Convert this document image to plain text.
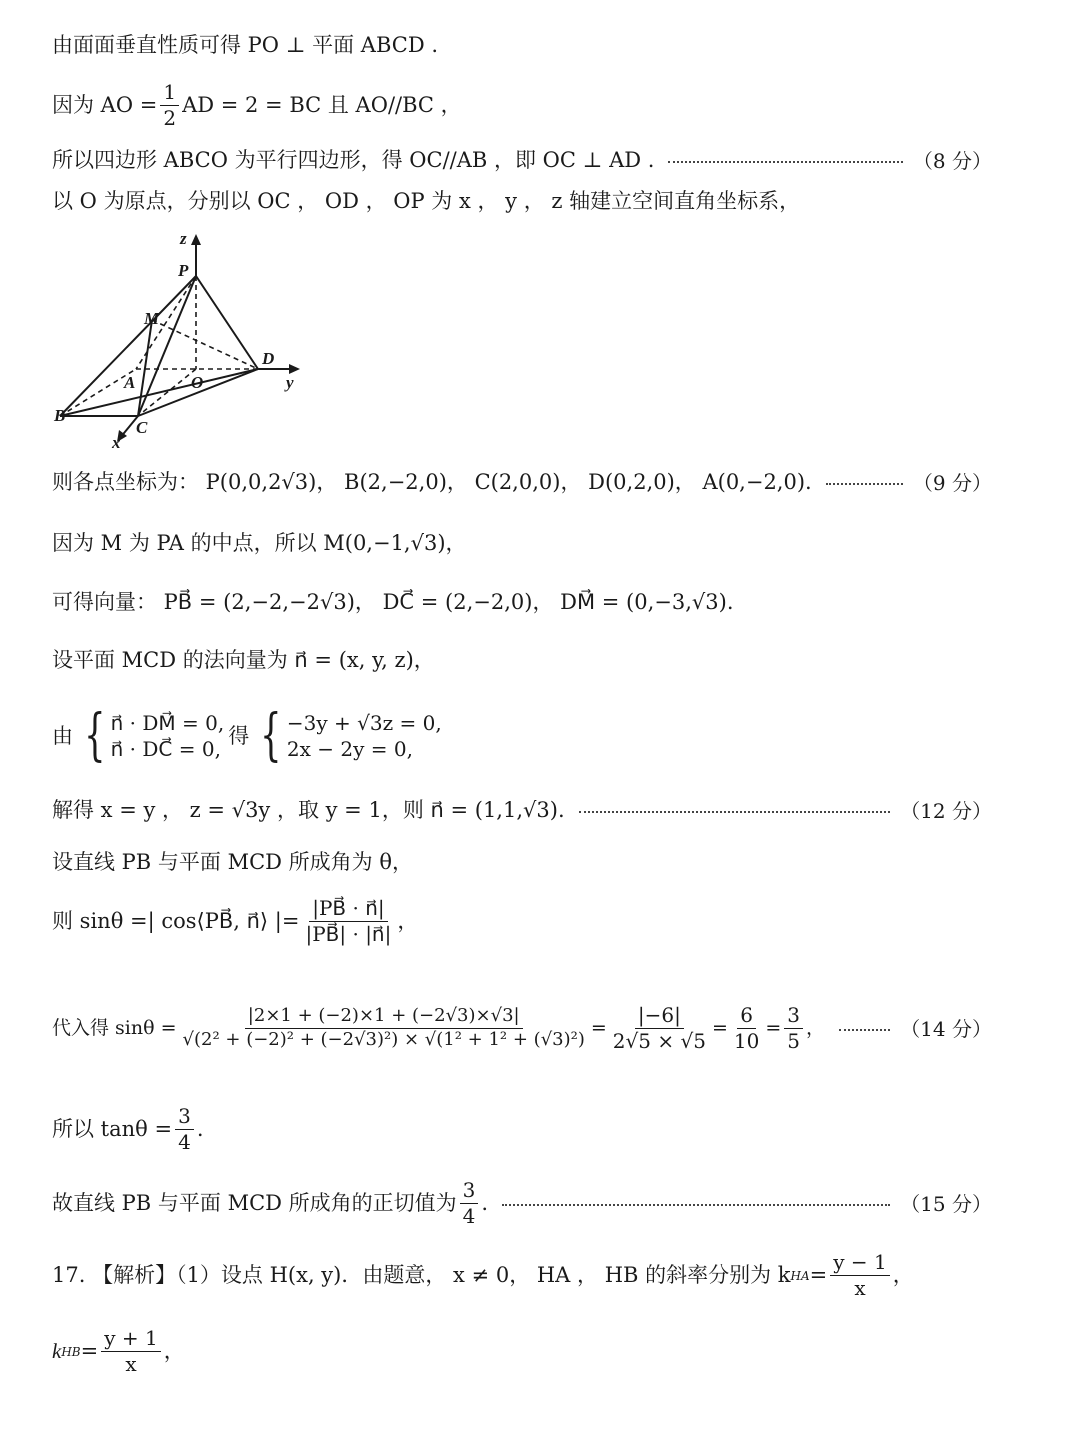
由面面垂直性质可得 PO ⊥ 平面 ABCD .
因为 AO = $\frac{1}{2}$ AD = 2 = BC 且 AO//BC ，
所以四边形 ABCO 为平行四边形，得 OC//AB ，即 OC ⊥ AD .	（8 分）
以 O 为原点，分别以 OC ， OD ， OP 为 x ， y ， z 轴建立空间直角坐标系，
z
P
M
D
y
A	O
B
C
x
则各点坐标为： P(0,0,2√3)， B(2,−2,0)， C(2,0,0)， D(0,2,0)， A(0,−2,0).	（9 分）
因为 M 为 PA 的中点，所以 M(0,−1,√3)，
可得向量： PB⃗ = (2,−2,−2√3)， DC⃗ = (2,−2,0)， DM⃗ = (0,−3,√3).
设平面 MCD 的法向量为 n⃗ = (x, y, z)，
由 { n⃗ · DM⃗ = 0,
n⃗ · DC⃗ = 0,
得 { −3y + √3z = 0,
2x − 2y = 0,
解得 x = y ， z = √3y ，取 y = 1，则 n⃗ = (1,1,√3).	（12 分）
设直线 PB 与平面 MCD 所成角为 θ，
则 sinθ =| cos⟨PB⃗, n⃗⟩ |= $\frac{|PB⃗ \cdot n⃗|}{|PB⃗| \cdot |n⃗|}$ ，
代入得 $\sin\theta = \frac{|2\times 1 + (-2)\times 1 + (-2√3)\times√3|}{\text{√(2² + (−2)² + (−2√3)²) × √(1² + 1² + (√3)²)}} = \frac{|-6|}{2√5 \times √5} = \frac{6}{10} = \frac{3}{5}$ ，	（14 分）
所以 $\tan\theta = \frac{3}{4}$ .
故直线 PB 与平面 MCD 所成角的正切值为 $\frac{3}{4}$ .	（15 分）
17. 【解析】（1）设点 H(x, y)．由题意， x ≠ 0， HA ， HB 的斜率分别为 k HA = $\frac{y - 1}{x}$ ，
k HB = $\frac{y + 1}{x}$ ，
